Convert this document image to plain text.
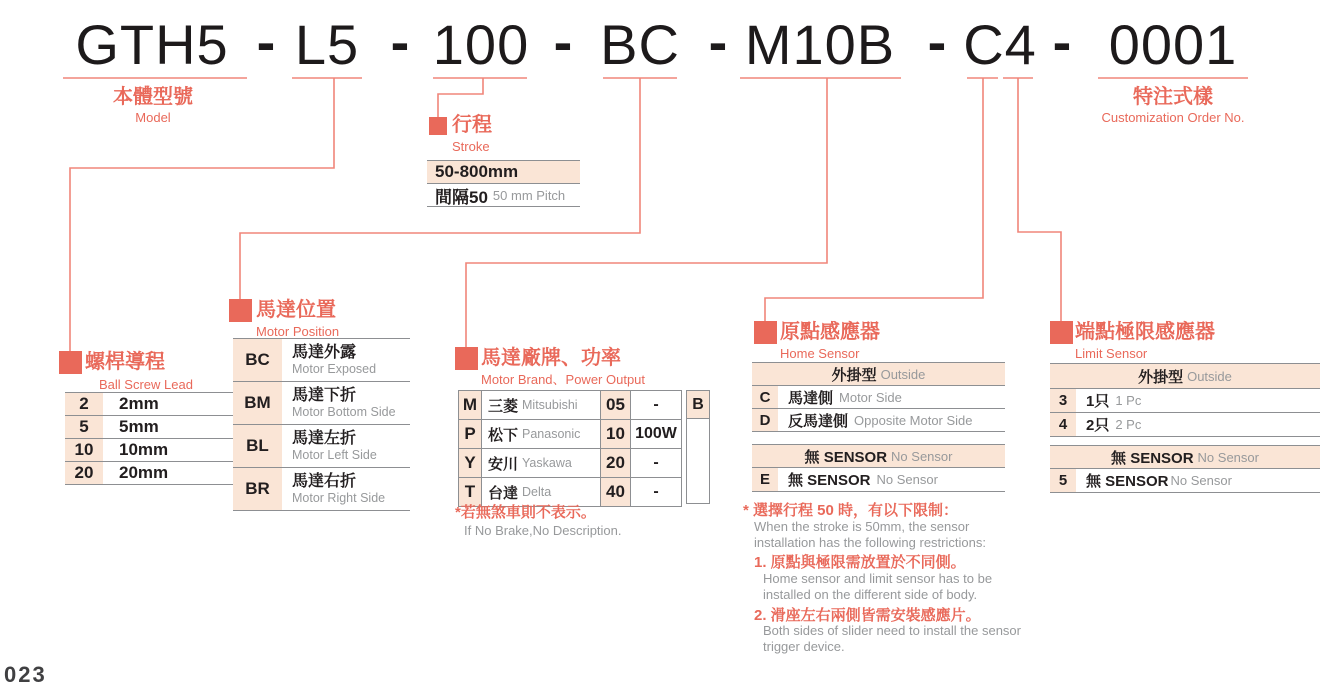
GTH5 - L5 - 100 - BC - M10B - C4 - 0001
本體型號
Model
特注式樣
Customization Order No.
行程
Stroke
螺桿導程
Ball Screw Lead
馬達位置
Motor Position
馬達廠牌、功率
Motor Brand、Power Output
原點感應器
Home Sensor
端點極限感應器
Limit Sensor
50-800mm
間隔50 50 mm Pitch
2	2mm
5	5mm
10	10mm
20	20mm
BC	馬達外露
Motor Exposed
BM	馬達下折
Motor Bottom Side
BL	馬達左折
Motor Left Side
BR	馬達右折
Motor Right Side
M 三菱 Mitsubishi 05	-
P 松下 Panasonic 10 100W
Y 安川 Yaskawa 20	-
T 台達 Delta	40	-
B
*若無煞車則不表示。
If No Brake,No Description.
外掛型 Outside
C	馬達側 Motor Side
D	反馬達側 Opposite Motor Side
無 SENSOR No Sensor
E	無 SENSOR No Sensor
外掛型 Outside
3	1只 1 Pc
4	2只 2 Pc
無 SENSOR No Sensor
5	無 SENSOR No Sensor
* 選擇行程 50 時，有以下限制：
When the stroke is 50mm, the sensor installation has the following restrictions:
1. 原點與極限需放置於不同側。
Home sensor and limit sensor has to be installed on the different side of body.
2. 滑座左右兩側皆需安裝感應片。
Both sides of slider need to install the sensor trigger device.
023
